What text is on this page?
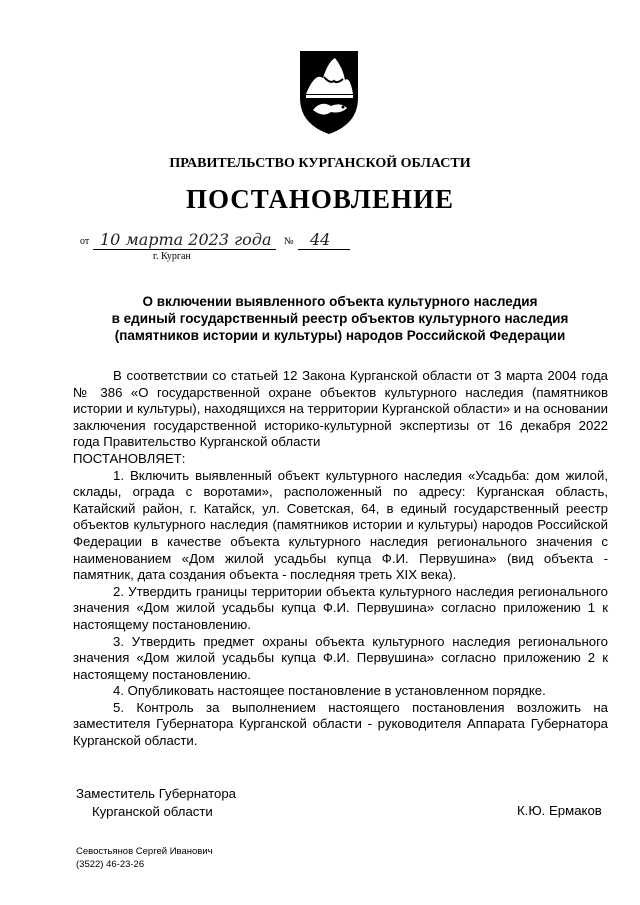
ПРАВИТЕЛЬСТВО КУРГАНСКОЙ ОБЛАСТИ
ПОСТАНОВЛЕНИЕ
от 10 марта 2023 года № 44
г. Курган
О включении выявленного объекта культурного наследия
в единый государственный реестр объектов культурного наследия
(памятников истории и культуры) народов Российской Федерации

В соответствии со статьей 12 Закона Курганской области от 3 марта 2004 года № 386 «О государственной охране объектов культурного наследия (памятников истории и культуры), находящихся на территории Курганской области» и на основании заключения государственной историко-культурной экспертизы от 16 декабря 2022 года Правительство Курганской области

ПОСТАНОВЛЯЕТ:

1. Включить выявленный объект культурного наследия «Усадьба: дом жилой, склады, ограда с воротами», расположенный по адресу: Курганская область, Катайский район, г. Катайск, ул. Советская, 64, в единый государственный реестр объектов культурного наследия (памятников истории и культуры) народов Российской Федерации в качестве объекта культурного наследия регионального значения с наименованием «Дом жилой усадьбы купца Ф.И. Первушина» (вид объекта - памятник, дата создания объекта - последняя треть XIX века).

2. Утвердить границы территории объекта культурного наследия регионального значения «Дом жилой усадьбы купца Ф.И. Первушина» согласно приложению 1 к настоящему постановлению.

3. Утвердить предмет охраны объекта культурного наследия регионального значения «Дом жилой усадьбы купца Ф.И. Первушина» согласно приложению 2 к настоящему постановлению.

4. Опубликовать настоящее постановление в установленном порядке.

5. Контроль за выполнением настоящего постановления возложить на заместителя Губернатора Курганской области - руководителя Аппарата Губернатора Курганской области.

Заместитель Губернатора
Курганской области	К.Ю. Ермаков
Севостьянов Сергей Иванович
(3522) 46-23-26
